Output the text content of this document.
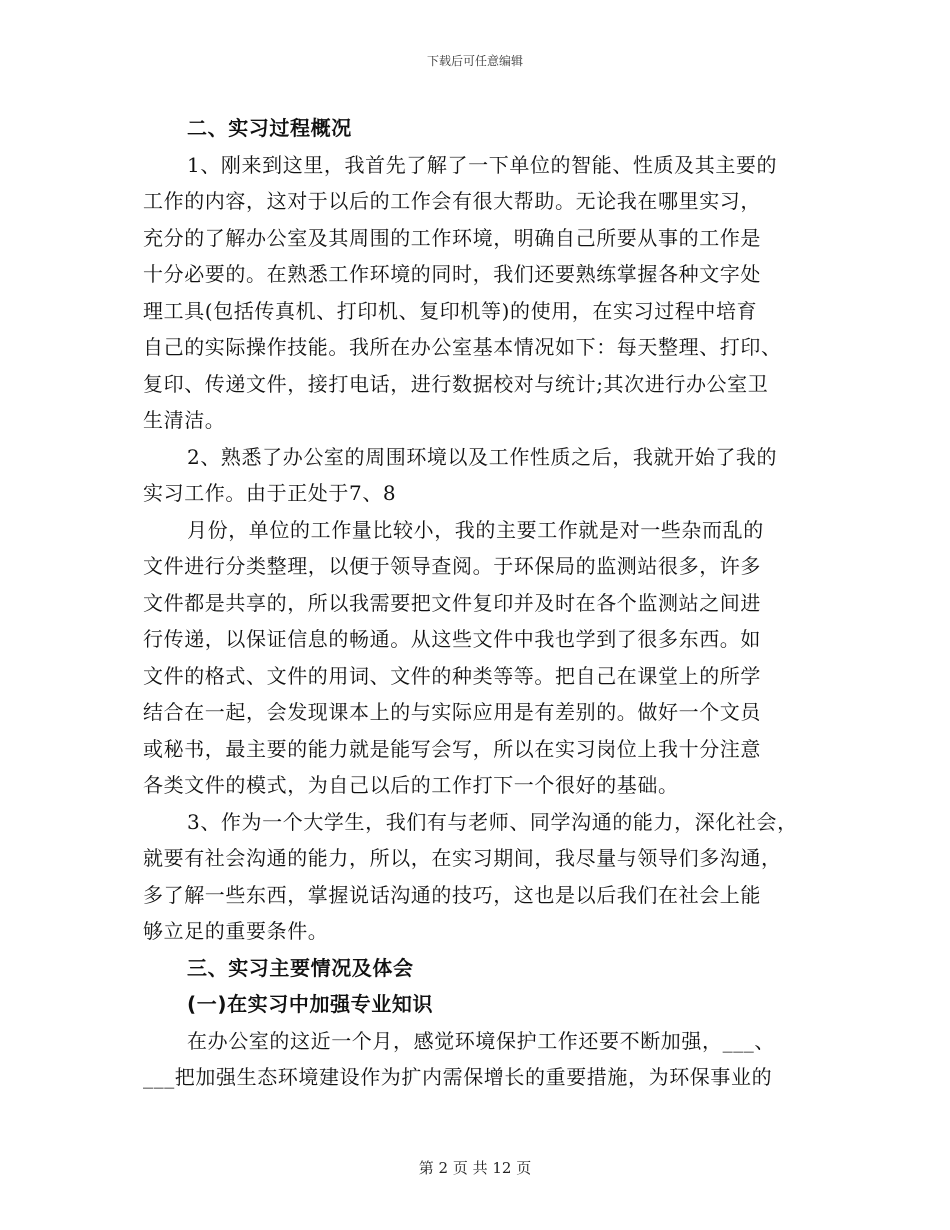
下载后可任意编辑
二、实习过程概况
1、刚来到这里，我首先了解了一下单位的智能、性质及其主要的
工作的内容，这对于以后的工作会有很大帮助。无论我在哪里实习，
充分的了解办公室及其周围的工作环境，明确自己所要从事的工作是
十分必要的。在熟悉工作环境的同时，我们还要熟练掌握各种文字处
理工具(包括传真机、打印机、复印机等)的使用，在实习过程中培育
自己的实际操作技能。我所在办公室基本情况如下：每天整理、打印、
复印、传递文件，接打电话，进行数据校对与统计;其次进行办公室卫
生清洁。
2、熟悉了办公室的周围环境以及工作性质之后，我就开始了我的
实习工作。由于正处于7、8
月份，单位的工作量比较小，我的主要工作就是对一些杂而乱的
文件进行分类整理，以便于领导查阅。于环保局的监测站很多，许多
文件都是共享的，所以我需要把文件复印并及时在各个监测站之间进
行传递，以保证信息的畅通。从这些文件中我也学到了很多东西。如
文件的格式、文件的用词、文件的种类等等。把自己在课堂上的所学
结合在一起，会发现课本上的与实际应用是有差别的。做好一个文员
或秘书，最主要的能力就是能写会写，所以在实习岗位上我十分注意
各类文件的模式，为自己以后的工作打下一个很好的基础。
3、作为一个大学生，我们有与老师、同学沟通的能力，深化社会，
就要有社会沟通的能力，所以，在实习期间，我尽量与领导们多沟通，
多了解一些东西，掌握说话沟通的技巧，这也是以后我们在社会上能
够立足的重要条件。
三、实习主要情况及体会
(一)在实习中加强专业知识
在办公室的这近一个月，感觉环境保护工作还要不断加强，___、
___把加强生态环境建设作为扩内需保增长的重要措施，为环保事业的
第 2 页 共 12 页
